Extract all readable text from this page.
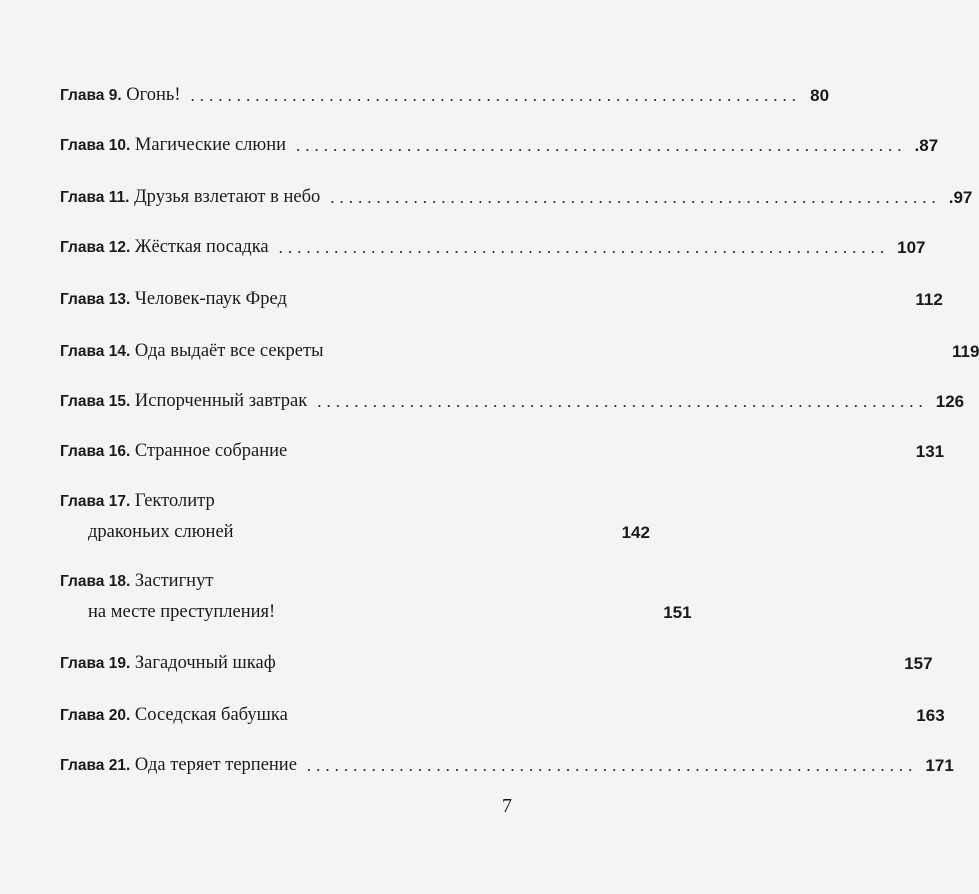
Глава 9.
Огонь! .................................................................. 80
Глава 10.
Магические слюни .................................................................. .87
Глава 11.
Друзья взлетают в небо .................................................................. .97
Глава 12.
Жёсткая посадка .................................................................. 107
Глава 13.
Человек-паук Фред	112
Глава 14.
Ода выдаёт все секреты	119
Глава 15.
Испорченный завтрак .................................................................. 126
Глава 16.
Странное собрание	131
Глава 17.
Гектолитр
драконьих слюней	142
Глава 18.
Застигнут
на месте преступления!	151
Глава 19.
Загадочный шкаф	157
Глава 20.
Соседская бабушка	163
Глава 21.
Ода теряет терпение .................................................................. 171
7
